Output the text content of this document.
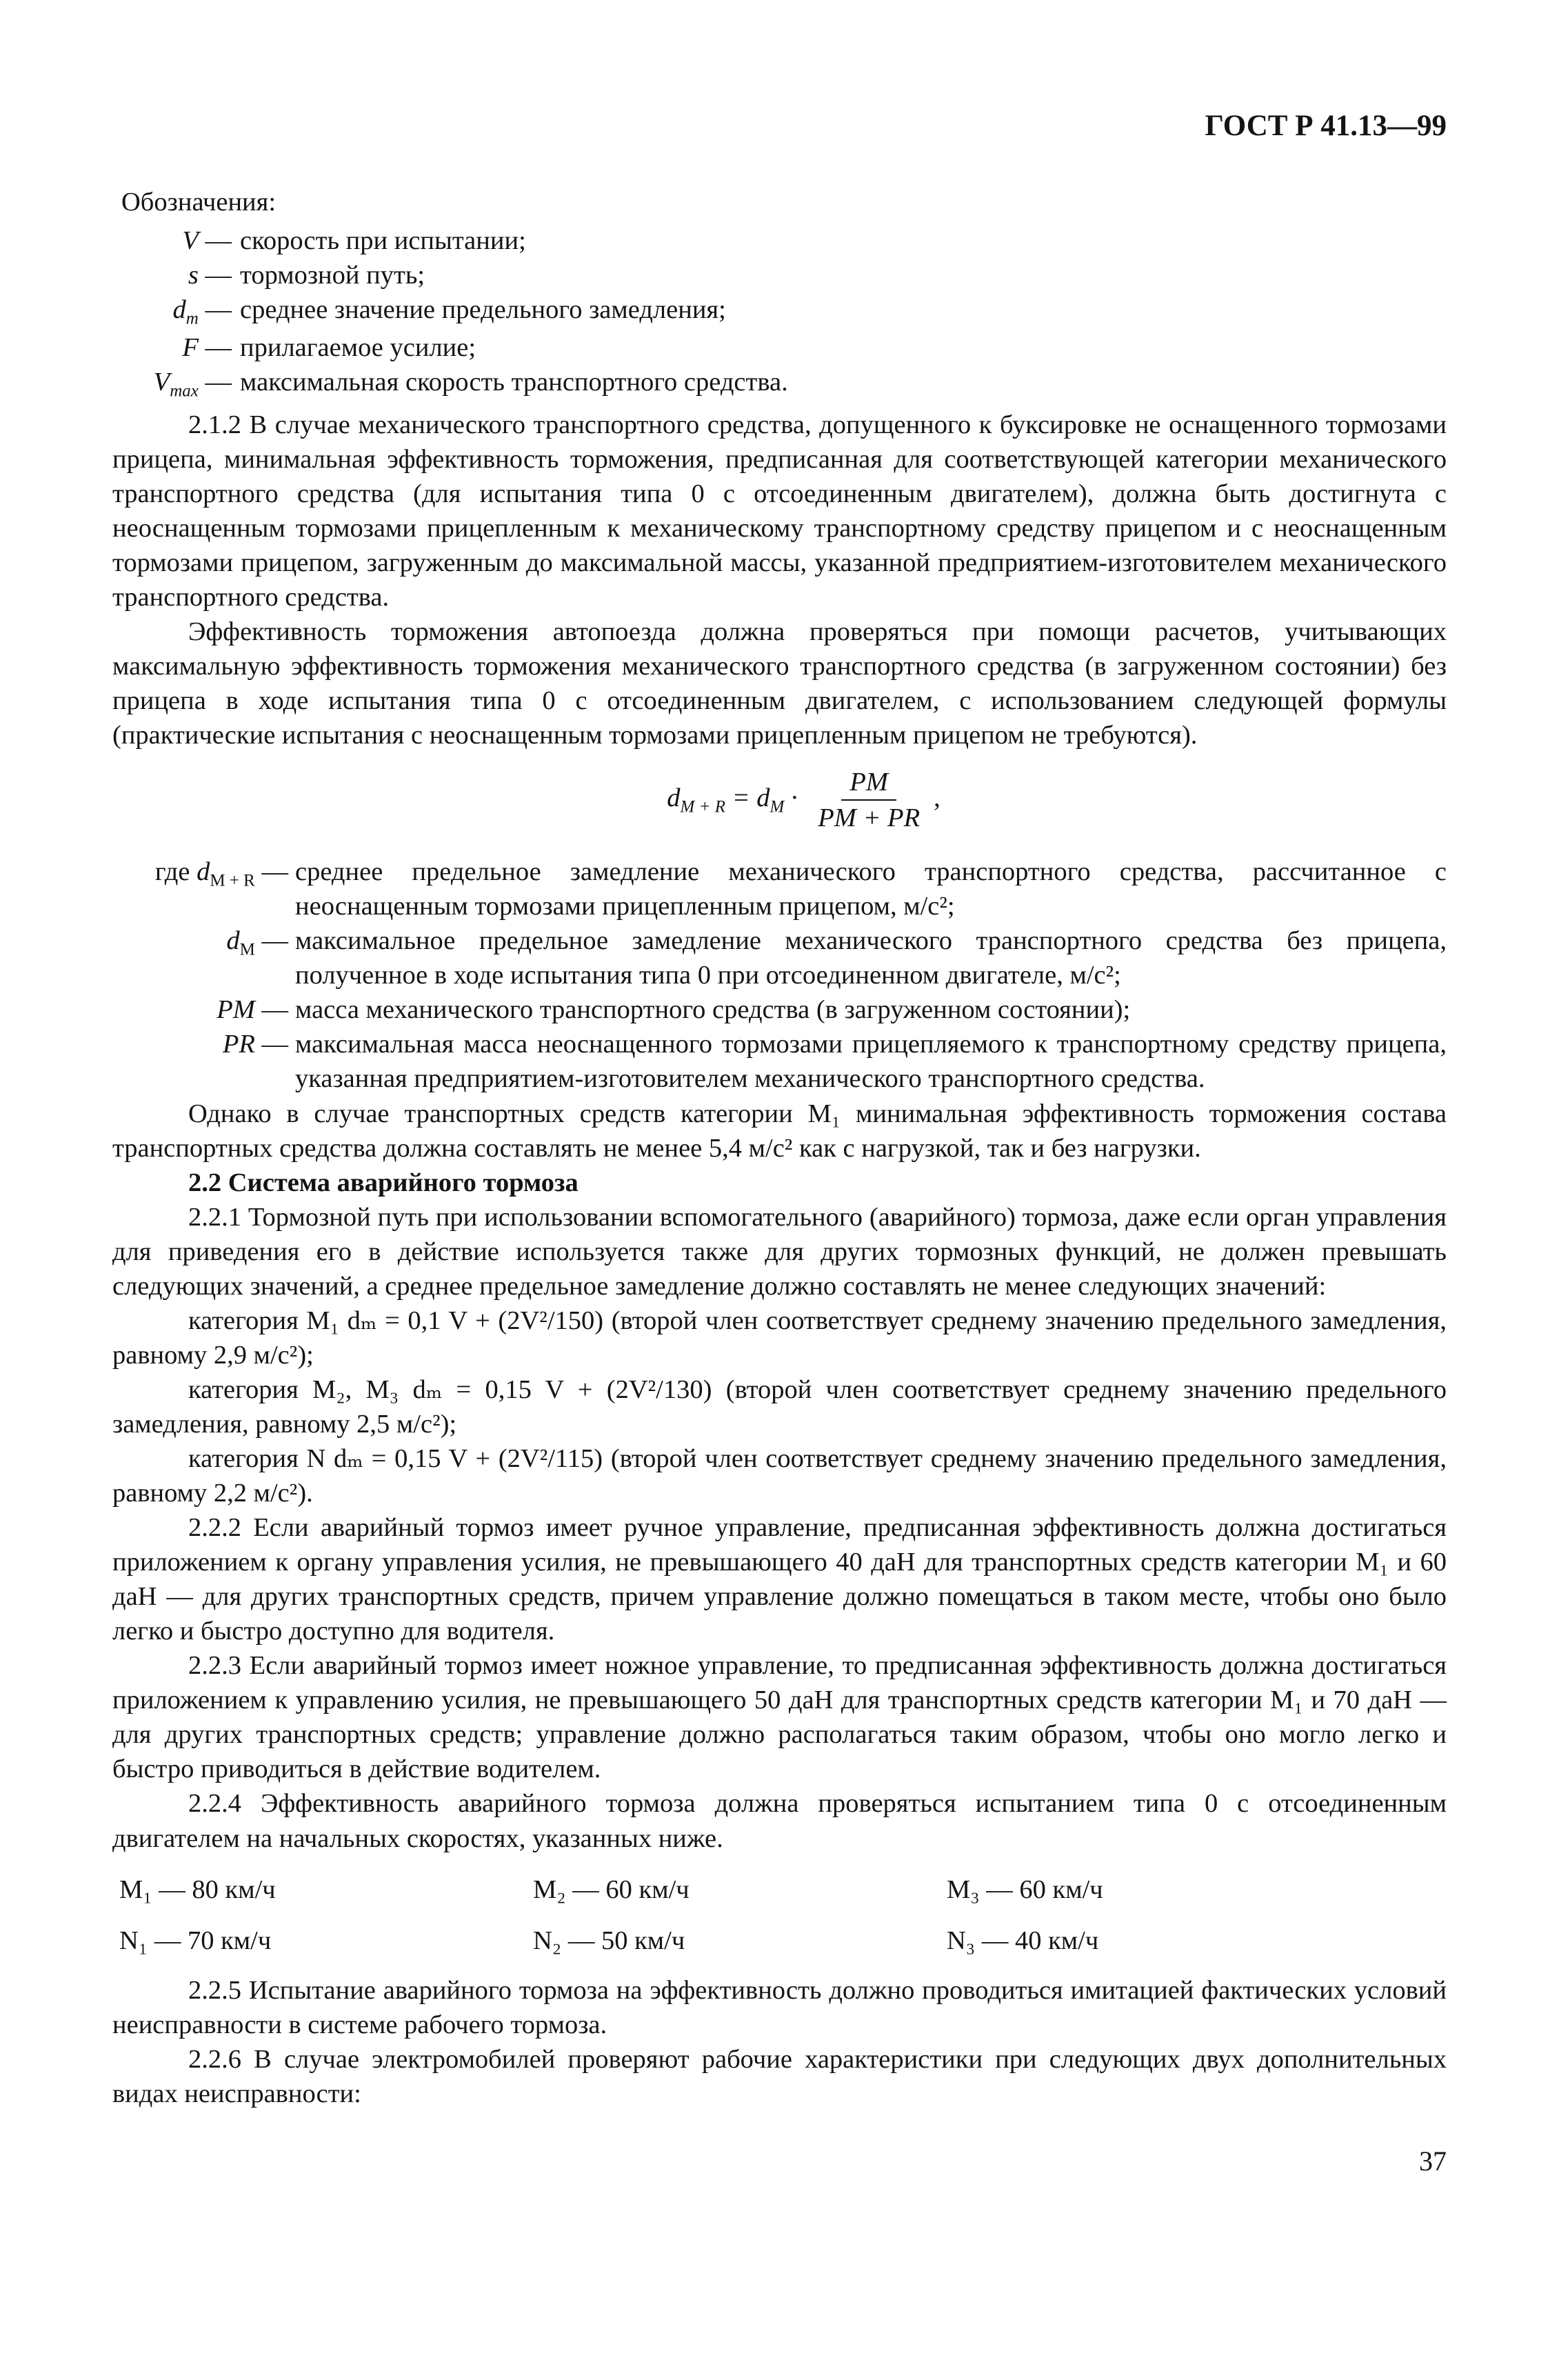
ГОСТ Р 41.13—99

Обозначения:

V — скорость при испытании;
s — тормозной путь;
$d_m$ — среднее значение предельного замедления;
F — прилагаемое усилие;
$V_{max}$ — максимальная скорость транспортного средства.

2.1.2 В случае механического транспортного средства, допущенного к буксировке не оснащенного тормозами прицепа, минимальная эффективность торможения, предписанная для соответствующей категории механического транспортного средства (для испытания типа 0 с отсоединенным двигателем), должна быть достигнута с неоснащенным тормозами прицепленным к механическому транспортному средству прицепом и с неоснащенным тормозами прицепом, загруженным до максимальной массы, указанной предприятием-изготовителем механического транспортного средства.

Эффективность торможения автопоезда должна проверяться при помощи расчетов, учитывающих максимальную эффективность торможения механического транспортного средства (в загруженном состоянии) без прицепа в ходе испытания типа 0 с отсоединенным двигателем, с использованием следующей формулы (практические испытания с неоснащенным тормозами прицепленным прицепом не требуются).

$d_{M + R} = d_M \cdot \frac{PM}{PM + PR}$ ,
где $d_{M + R}$ — среднее предельное замедление механического транспортного средства, рассчитанное с неоснащенным тормозами прицепленным прицепом, м/с²;
$d_M$ — максимальное предельное замедление механического транспортного средства без прицепа, полученное в ходе испытания типа 0 при отсоединенном двигателе, м/с²;
PM — масса механического транспортного средства (в загруженном состоянии);
PR — максимальная масса неоснащенного тормозами прицепляемого к транспортному средству прицепа, указанная предприятием-изготовителем механического транспортного средства.

Однако в случае транспортных средств категории M₁ минимальная эффективность торможения состава транспортных средства должна составлять не менее 5,4 м/с² как с нагрузкой, так и без нагрузки.

2.2 Система аварийного тормоза

2.2.1 Тормозной путь при использовании вспомогательного (аварийного) тормоза, даже если орган управления для приведения его в действие используется также для других тормозных функций, не должен превышать следующих значений, а среднее предельное замедление должно составлять не менее следующих значений:

категория M₁ dₘ = 0,1 V + (2V²/150) (второй член соответствует среднему значению предельного замедления, равному 2,9 м/с²);

категория M₂, M₃ dₘ = 0,15 V + (2V²/130) (второй член соответствует среднему значению предельного замедления, равному 2,5 м/с²);

категория N dₘ = 0,15 V + (2V²/115) (второй член соответствует среднему значению предельного замедления, равному 2,2 м/с²).

2.2.2 Если аварийный тормоз имеет ручное управление, предписанная эффективность должна достигаться приложением к органу управления усилия, не превышающего 40 даН для транспортных средств категории M₁ и 60 даН — для других транспортных средств, причем управление должно помещаться в таком месте, чтобы оно было легко и быстро доступно для водителя.

2.2.3 Если аварийный тормоз имеет ножное управление, то предписанная эффективность должна достигаться приложением к управлению усилия, не превышающего 50 даН для транспортных средств категории M₁ и 70 даН — для других транспортных средств; управление должно располагаться таким образом, чтобы оно могло легко и быстро приводиться в действие водителем.

2.2.4 Эффективность аварийного тормоза должна проверяться испытанием типа 0 с отсоединенным двигателем на начальных скоростях, указанных ниже.

M₁ — 80 км/ч	M₂ — 60 км/ч	M₃ — 60 км/ч
N₁ — 70 км/ч	N₂ — 50 км/ч	N₃ — 40 км/ч

2.2.5 Испытание аварийного тормоза на эффективность должно проводиться имитацией фактических условий неисправности в системе рабочего тормоза.

2.2.6 В случае электромобилей проверяют рабочие характеристики при следующих двух дополнительных видах неисправности:

37
